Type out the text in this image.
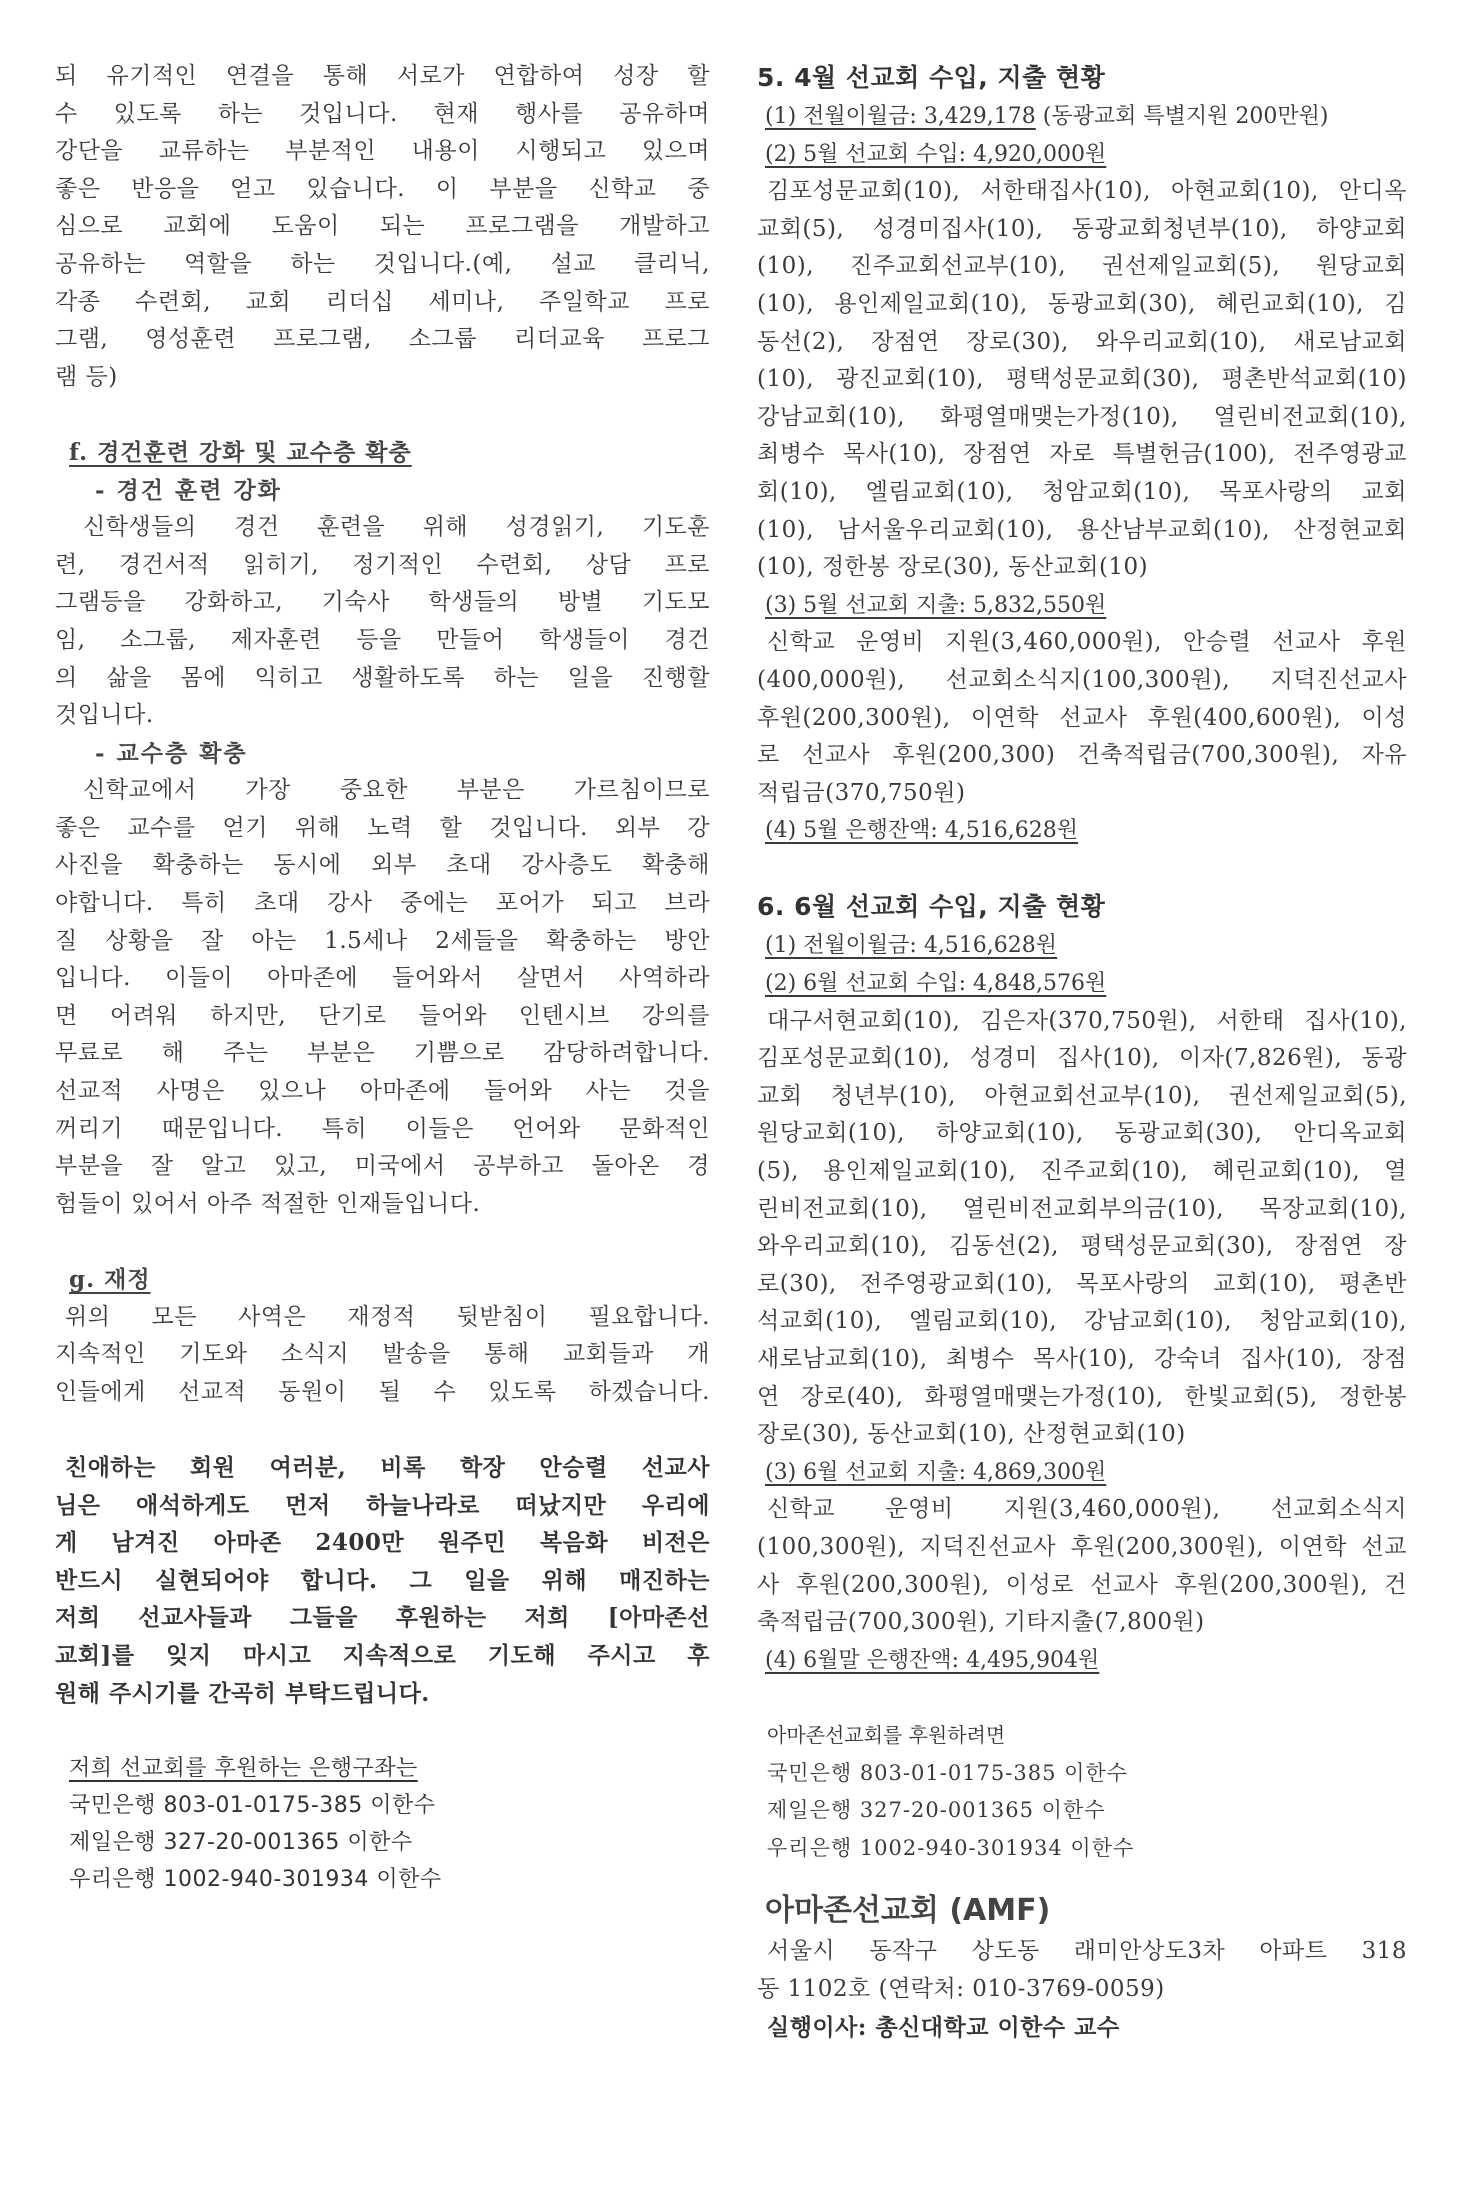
되 유기적인 연결을 통해 서로가 연합하여 성장 할
수 있도록 하는 것입니다. 현재 행사를 공유하며
강단을 교류하는 부분적인 내용이 시행되고 있으며
좋은 반응을 얻고 있습니다. 이 부분을 신학교 중
심으로 교회에 도움이 되는 프로그램을 개발하고
공유하는 역할을 하는 것입니다.(예, 설교 클리닉,
각종 수련회, 교회 리더십 세미나, 주일학교 프로
그램, 영성훈련 프로그램, 소그룹 리더교육 프로그
램 등)
f. 경건훈련 강화 및 교수층 확충
- 경건 훈련 강화
신학생들의 경건 훈련을 위해 성경읽기, 기도훈
련, 경건서적 읽히기, 정기적인 수련회, 상담 프로
그램등을 강화하고, 기숙사 학생들의 방별 기도모
임, 소그룹, 제자훈련 등을 만들어 학생들이 경건
의 삶을 몸에 익히고 생활하도록 하는 일을 진행할
것입니다.
- 교수층 확충
신학교에서 가장 중요한 부분은 가르침이므로
좋은 교수를 얻기 위해 노력 할 것입니다. 외부 강
사진을 확충하는 동시에 외부 초대 강사층도 확충해
야합니다. 특히 초대 강사 중에는 포어가 되고 브라
질 상황을 잘 아는 1.5세나 2세들을 확충하는 방안
입니다. 이들이 아마존에 들어와서 살면서 사역하라
면 어려워 하지만, 단기로 들어와 인텐시브 강의를
무료로 해 주는 부분은 기쁨으로 감당하려합니다.
선교적 사명은 있으나 아마존에 들어와 사는 것을
꺼리기 때문입니다. 특히 이들은 언어와 문화적인
부분을 잘 알고 있고, 미국에서 공부하고 돌아온 경
험들이 있어서 아주 적절한 인재들입니다.
g. 재정
위의 모든 사역은 재정적 뒷받침이 필요합니다.
지속적인 기도와 소식지 발송을 통해 교회들과 개
인들에게 선교적 동원이 될 수 있도록 하겠습니다.
친애하는 회원 여러분, 비록 학장 안승렬 선교사
님은 애석하게도 먼저 하늘나라로 떠났지만 우리에
게 남겨진 아마존 2400만 원주민 복음화 비전은
반드시 실현되어야 합니다. 그 일을 위해 매진하는
저희 선교사들과 그들을 후원하는 저희 [아마존선
교회]를 잊지 마시고 지속적으로 기도해 주시고 후
원해 주시기를 간곡히 부탁드립니다.
저희 선교회를 후원하는 은행구좌는
국민은행 803-01-0175-385 이한수
제일은행 327-20-001365 이한수
우리은행 1002-940-301934 이한수
5. 4월 선교회 수입, 지출 현황
(1) 전월이월금: 3,429,178 (동광교회 특별지원 200만원)
(2) 5월 선교회 수입: 4,920,000원
김포성문교회(10), 서한태집사(10), 아현교회(10), 안디옥
교회(5), 성경미집사(10), 동광교회청년부(10), 하양교회
(10), 진주교회선교부(10), 권선제일교회(5), 원당교회
(10), 용인제일교회(10), 동광교회(30), 혜린교회(10), 김
동선(2), 장점연 장로(30), 와우리교회(10), 새로남교회
(10), 광진교회(10), 평택성문교회(30), 평촌반석교회(10)
강남교회(10), 화평열매맺는가정(10), 열린비전교회(10),
최병수 목사(10), 장점연 자로 특별헌금(100), 전주영광교
회(10), 엘림교회(10), 청암교회(10), 목포사랑의 교회
(10), 남서울우리교회(10), 용산남부교회(10), 산정현교회
(10), 정한봉 장로(30), 동산교회(10)
(3) 5월 선교회 지출: 5,832,550원
신학교 운영비 지원(3,460,000원), 안승렬 선교사 후원
(400,000원), 선교회소식지(100,300원), 지덕진선교사
후원(200,300원), 이연학 선교사 후원(400,600원), 이성
로 선교사 후원(200,300) 건축적립금(700,300원), 자유
적립금(370,750원)
(4) 5월 은행잔액: 4,516,628원
6. 6월 선교회 수입, 지출 현황
(1) 전월이월금: 4,516,628원
(2) 6월 선교회 수입: 4,848,576원
대구서현교회(10), 김은자(370,750원), 서한태 집사(10),
김포성문교회(10), 성경미 집사(10), 이자(7,826원), 동광
교회 청년부(10), 아현교회선교부(10), 권선제일교회(5),
원당교회(10), 하양교회(10), 동광교회(30), 안디옥교회
(5), 용인제일교회(10), 진주교회(10), 혜린교회(10), 열
린비전교회(10), 열린비전교회부의금(10), 목장교회(10),
와우리교회(10), 김동선(2), 평택성문교회(30), 장점연 장
로(30), 전주영광교회(10), 목포사랑의 교회(10), 평촌반
석교회(10), 엘림교회(10), 강남교회(10), 청암교회(10),
새로남교회(10), 최병수 목사(10), 강숙녀 집사(10), 장점
연 장로(40), 화평열매맺는가정(10), 한빛교회(5), 정한봉
장로(30), 동산교회(10), 산정현교회(10)
(3) 6월 선교회 지출: 4,869,300원
신학교 운영비 지원(3,460,000원), 선교회소식지
(100,300원), 지덕진선교사 후원(200,300원), 이연학 선교
사 후원(200,300원), 이성로 선교사 후원(200,300원), 건
축적립금(700,300원), 기타지출(7,800원)
(4) 6월말 은행잔액: 4,495,904원
아마존선교회를 후원하려면
국민은행 803-01-0175-385 이한수
제일은행 327-20-001365 이한수
우리은행 1002-940-301934 이한수
아마존선교회 (AMF)
서울시 동작구 상도동 래미안상도3차 아파트 318
동 1102호 (연락처: 010-3769-0059)
실행이사: 총신대학교 이한수 교수
